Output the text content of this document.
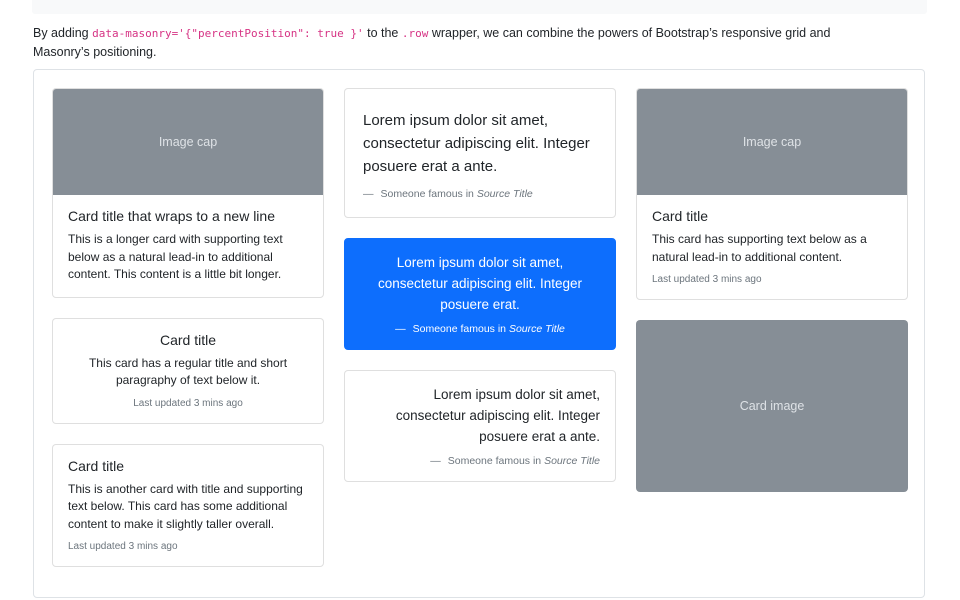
By adding data-masonry='{"percentPosition": true }' to the .row wrapper, we can combine the powers of Bootstrap’s responsive grid and
Masonry’s positioning.

Image cap
Card title that wraps to a new line

This is a longer card with supporting text below as a natural lead-in to additional content. This content is a little bit longer.

Card title

This card has a regular title and short paragraphy of text below it.

Last updated 3 mins ago
Card title

This is another card with title and supporting text below. This card has some additional content to make it slightly taller overall.

Last updated 3 mins ago

Lorem ipsum dolor sit amet, consectetur adipiscing elit. Integer posuere erat a ante.

— Someone famous in Source Title

Lorem ipsum dolor sit amet, consectetur adipiscing elit. Integer posuere erat.

— Someone famous in Source Title

Lorem ipsum dolor sit amet, consectetur adipiscing elit. Integer posuere erat a ante.

— Someone famous in Source Title
Image cap
Card title

This card has supporting text below as a natural lead-in to additional content.

Last updated 3 mins ago
Card image
